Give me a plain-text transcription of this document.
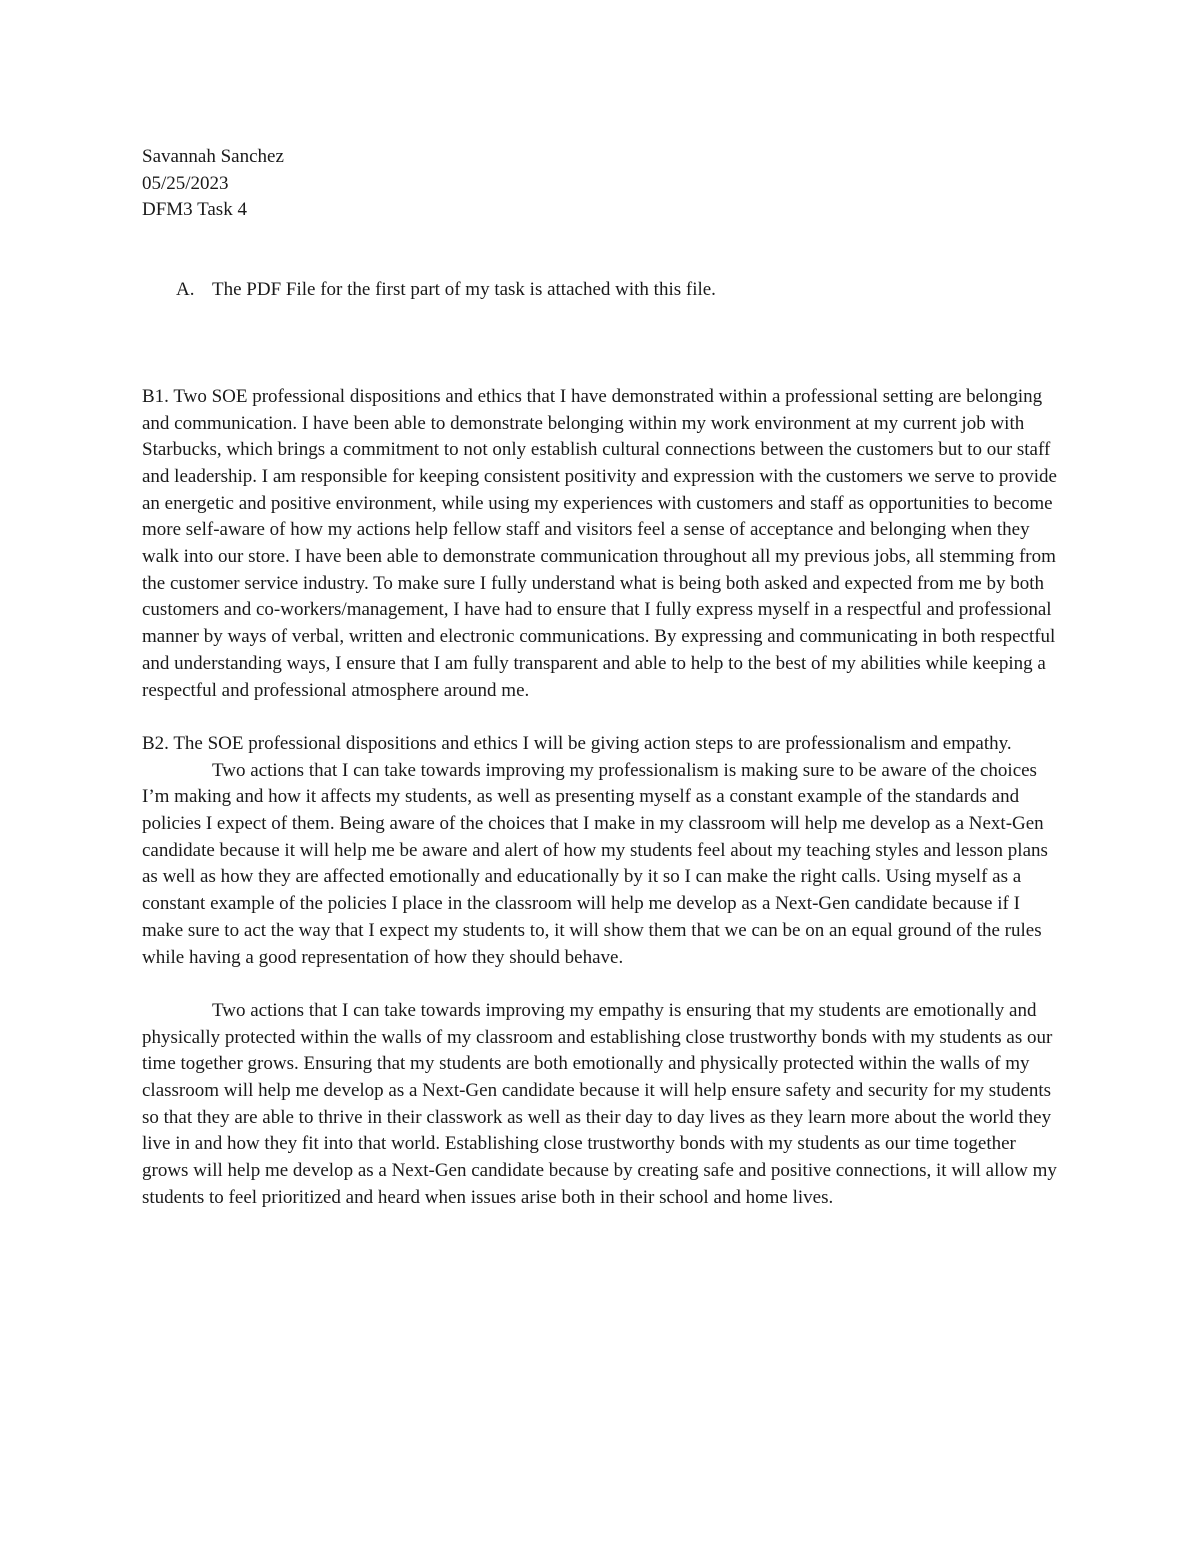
Savannah Sanchez

05/25/2023

DFM3 Task 4

A. The PDF File for the first part of my task is attached with this file.

B1. Two SOE professional dispositions and ethics that I have demonstrated within a professional setting are belonging and communication. I have been able to demonstrate belonging within my work environment at my current job with Starbucks, which brings a commitment to not only establish cultural connections between the customers but to our staff and leadership. I am responsible for keeping consistent positivity and expression with the customers we serve to provide an energetic and positive environment, while using my experiences with customers and staff as opportunities to become more self-aware of how my actions help fellow staff and visitors feel a sense of acceptance and belonging when they walk into our store. I have been able to demonstrate communication throughout all my previous jobs, all stemming from the customer service industry. To make sure I fully understand what is being both asked and expected from me by both customers and co-workers/management, I have had to ensure that I fully express myself in a respectful and professional manner by ways of verbal, written and electronic communications. By expressing and communicating in both respectful and understanding ways, I ensure that I am fully transparent and able to help to the best of my abilities while keeping a respectful and professional atmosphere around me.

B2. The SOE professional dispositions and ethics I will be giving action steps to are professionalism and empathy.

Two actions that I can take towards improving my professionalism is making sure to be aware of the choices I’m making and how it affects my students, as well as presenting myself as a constant example of the standards and policies I expect of them. Being aware of the choices that I make in my classroom will help me develop as a Next-Gen candidate because it will help me be aware and alert of how my students feel about my teaching styles and lesson plans as well as how they are affected emotionally and educationally by it so I can make the right calls. Using myself as a constant example of the policies I place in the classroom will help me develop as a Next-Gen candidate because if I make sure to act the way that I expect my students to, it will show them that we can be on an equal ground of the rules while having a good representation of how they should behave.

Two actions that I can take towards improving my empathy is ensuring that my students are emotionally and physically protected within the walls of my classroom and establishing close trustworthy bonds with my students as our time together grows. Ensuring that my students are both emotionally and physically protected within the walls of my classroom will help me develop as a Next-Gen candidate because it will help ensure safety and security for my students so that they are able to thrive in their classwork as well as their day to day lives as they learn more about the world they live in and how they fit into that world. Establishing close trustworthy bonds with my students as our time together grows will help me develop as a Next-Gen candidate because by creating safe and positive connections, it will allow my students to feel prioritized and heard when issues arise both in their school and home lives.
